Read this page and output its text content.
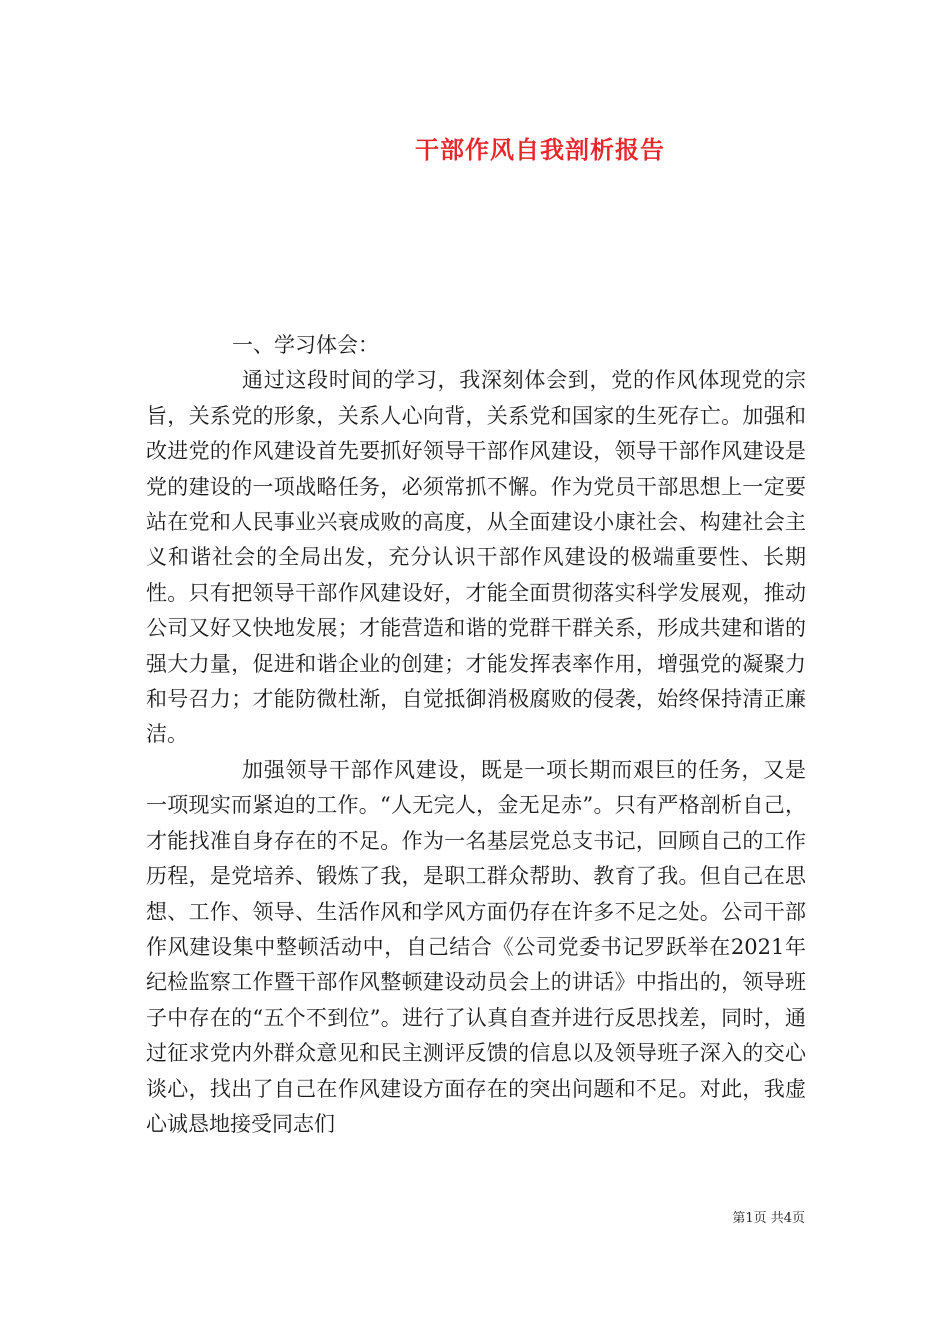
干部作风自我剖析报告

一、学习体会：

通过这段时间的学习，我深刻体会到，党的作风体现党的宗旨，关系党的形象，关系人心向背，关系党和国家的生死存亡。加强和改进党的作风建设首先要抓好领导干部作风建设，领导干部作风建设是党的建设的一项战略任务，必须常抓不懈。作为党员干部思想上一定要站在党和人民事业兴衰成败的高度，从全面建设小康社会、构建社会主义和谐社会的全局出发，充分认识干部作风建设的极端重要性、长期性。只有把领导干部作风建设好，才能全面贯彻落实科学发展观，推动公司又好又快地发展；才能营造和谐的党群干群关系，形成共建和谐的强大力量，促进和谐企业的创建；才能发挥表率作用，增强党的凝聚力和号召力；才能防微杜渐，自觉抵御消极腐败的侵袭，始终保持清正廉洁。

加强领导干部作风建设，既是一项长期而艰巨的任务，又是一项现实而紧迫的工作。“人无完人，金无足赤”。只有严格剖析自己，才能找准自身存在的不足。作为一名基层党总支书记，回顾自己的工作历程，是党培养、锻炼了我，是职工群众帮助、教育了我。但自己在思想、工作、领导、生活作风和学风方面仍存在许多不足之处。公司干部作风建设集中整顿活动中，自己结合《公司党委书记罗跃举在2021年纪检监察工作暨干部作风整顿建设动员会上的讲话》中指出的，领导班子中存在的“五个不到位”。进行了认真自查并进行反思找差，同时，通过征求党内外群众意见和民主测评反馈的信息以及领导班子深入的交心谈心，找出了自己在作风建设方面存在的突出问题和不足。对此，我虚心诚恳地接受同志们

第1页 共4页
